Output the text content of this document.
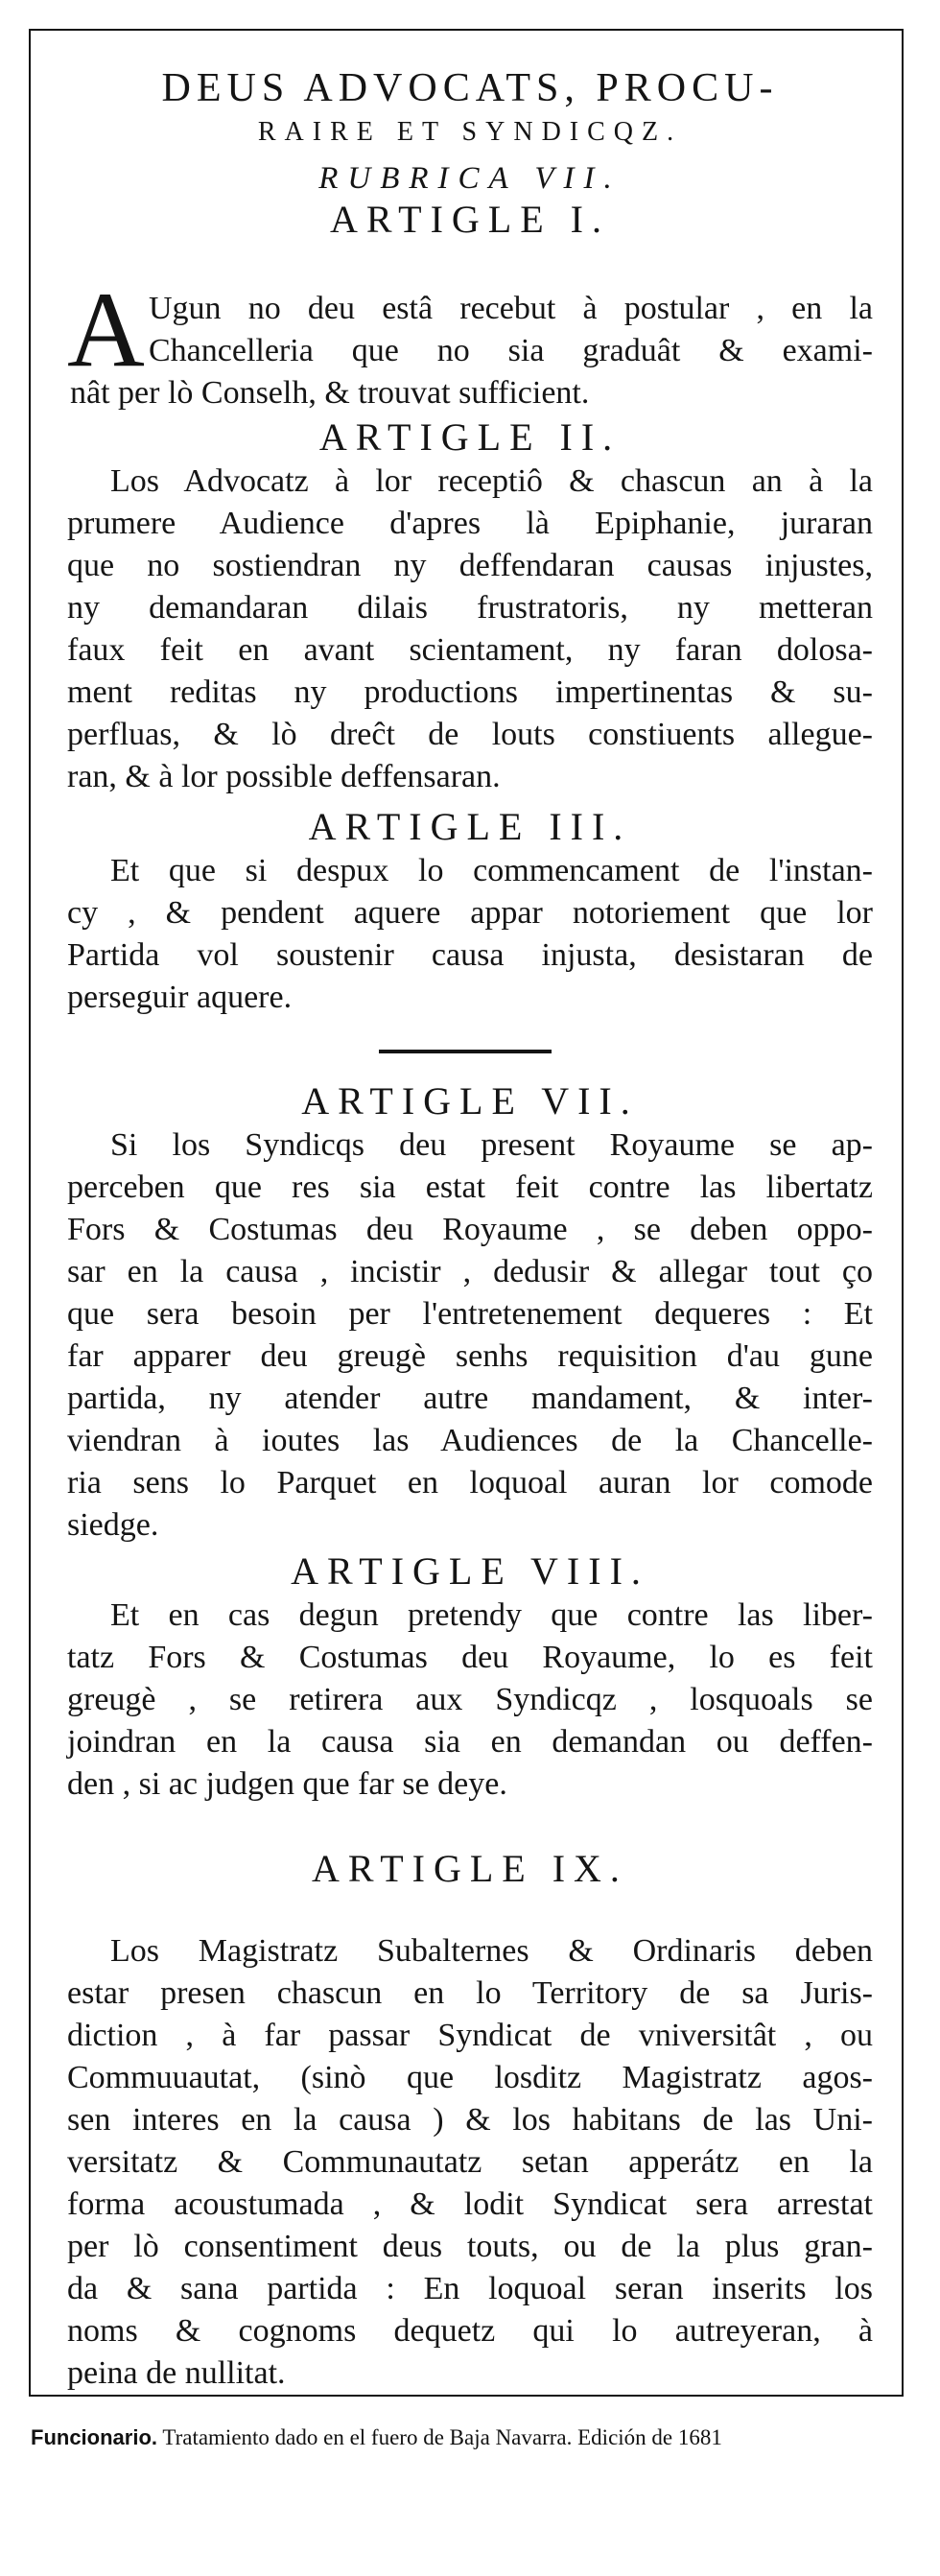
DEUS ADVOCATS, PROCU-
RAIRE ET SYNDICQZ.
RUBRICA VII.
ARTIGLE I.
A Ugun no deu estâ recebut à postular , en la
Chancelleria que no sia graduât & exami-
nât per lò Conselh, & trouvat sufficient.
ARTIGLE II.
Los Advocatz à lor receptiô & chascun an à la
prumere Audience d'apres là Epiphanie, juraran
que no sostiendran ny deffendaran causas injustes,
ny demandaran dilais frustratoris, ny metteran
faux feit en avant scientament, ny faran dolosa-
ment reditas ny productions impertinentas & su-
perfluas, & lò dreĉt de louts constiuents allegue-
ran, & à lor possible deffensaran.
ARTIGLE III.
Et que si despux lo commencament de l'instan-
cy , & pendent aquere appar notoriement que lor
Partida vol soustenir causa injusta, desistaran de
perseguir aquere.
ARTIGLE VII.
Si los Syndicqs deu present Royaume se ap-
perceben que res sia estat feit contre las libertatz
Fors & Costumas deu Royaume , se deben oppo-
sar en la causa , incistir , dedusir & allegar tout ço
que sera besoin per l'entretenement dequeres : Et
far apparer deu greugè senhs requisition d'au gune
partida, ny atender autre mandament, & inter-
viendran à ioutes las Audiences de la Chancelle-
ria sens lo Parquet en loquoal auran lor comode
siedge.
ARTIGLE VIII.
Et en cas degun pretendy que contre las liber-
tatz Fors & Costumas deu Royaume, lo es feit
greugè , se retirera aux Syndicqz , losquoals se
joindran en la causa sia en demandan ou deffen-
den , si ac judgen que far se deye.
ARTIGLE IX.
Los Magistratz Subalternes & Ordinaris deben
estar presen chascun en lo Territory de sa Juris-
diction , à far passar Syndicat de vniversitât , ou
Commuuautat, (sinò que losditz Magistratz agos-
sen interes en la causa ) & los habitans de las Uni-
versitatz & Communautatz setan apperátz en la
forma acoustumada , & lodit Syndicat sera arrestat
per lò consentiment deus touts, ou de la plus gran-
da & sana partida : En loquoal seran inserits los
noms & cognoms dequetz qui lo autreyeran, à
peina de nullitat.
Funcionario. Tratamiento dado en el fuero de Baja Navarra. Edición de 1681
